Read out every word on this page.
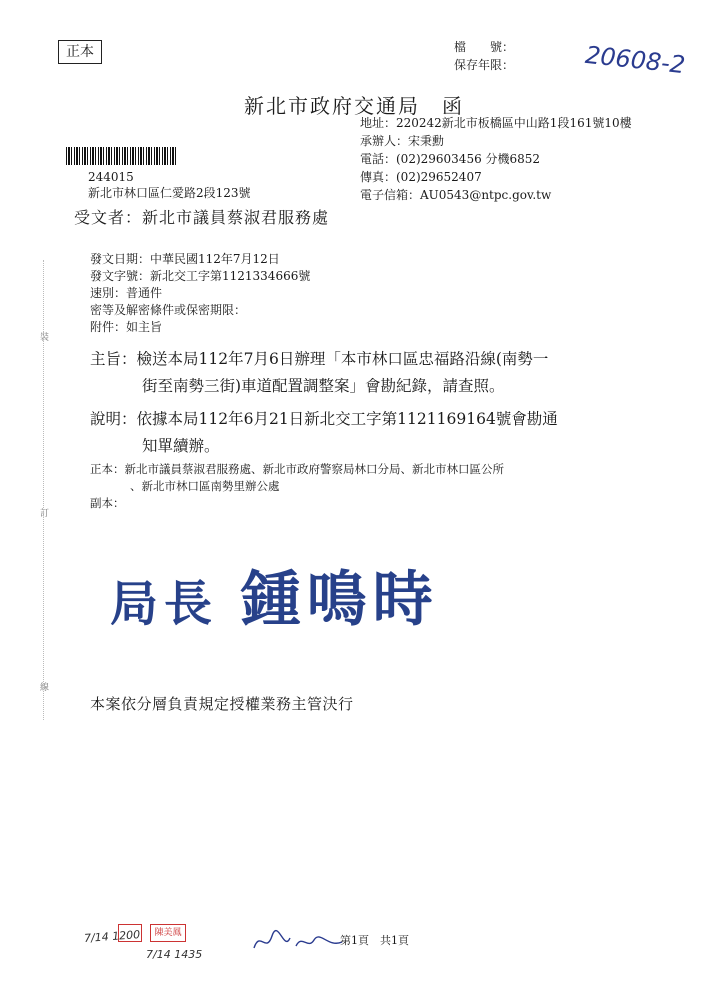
正本	檔　　號：
保存年限：	20608-2
新北市政府交通局　函
地址：220242新北市板橋區中山路1段161號10樓
承辦人：宋秉勳
電話：(02)29603456 分機6852
傳真：(02)29652407
電子信箱：AU0543@ntpc.gov.tw
244015
新北市林口區仁愛路2段123號
受文者：新北市議員蔡淑君服務處
發文日期：中華民國112年7月12日
發文字號：新北交工字第1121334666號
速別：普通件
密等及解密條件或保密期限：
附件：如主旨
主旨：檢送本局112年7月6日辦理「本市林口區忠福路沿線(南勢一
街至南勢三街)車道配置調整案」會勘紀錄，請查照。
說明：依據本局112年6月21日新北交工字第1121169164號會勘通
知單續辦。
正本：新北市議員蔡淑君服務處、新北市政府警察局林口分局、新北市林口區公所
、新北市林口區南勢里辦公處
副本：
局長 鍾鳴時
本案依分層負責規定授權業務主管決行
裝
訂
線
7/14 1200	陳美鳳
7/14 1435
第1頁　共1頁
